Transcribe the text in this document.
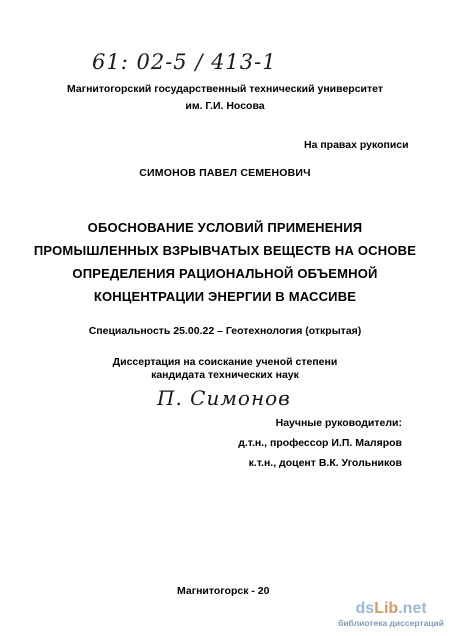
61: 02-5 / 413-1
Магнитогорский государственный технический университет
им. Г.И. Носова
На правах рукописи
СИМОНОВ ПАВЕЛ СЕМЕНОВИЧ
ОБОСНОВАНИЕ УСЛОВИЙ ПРИМЕНЕНИЯ
ПРОМЫШЛЕННЫХ ВЗРЫВЧАТЫХ ВЕЩЕСТВ НА ОСНОВЕ
ОПРЕДЕЛЕНИЯ РАЦИОНАЛЬНОЙ ОБЪЕМНОЙ
КОНЦЕНТРАЦИИ ЭНЕРГИИ В МАССИВЕ
Специальность 25.00.22 – Геотехнология (открытая)
Диссертация на соискание ученой степени
кандидата технических наук
П. Симонов
Научные руководители:
д.т.н., профессор И.П. Маляров
к.т.н., доцент В.К. Угольников
Магнитогорск - 20
dsLib.net
библиотека диссертаций
